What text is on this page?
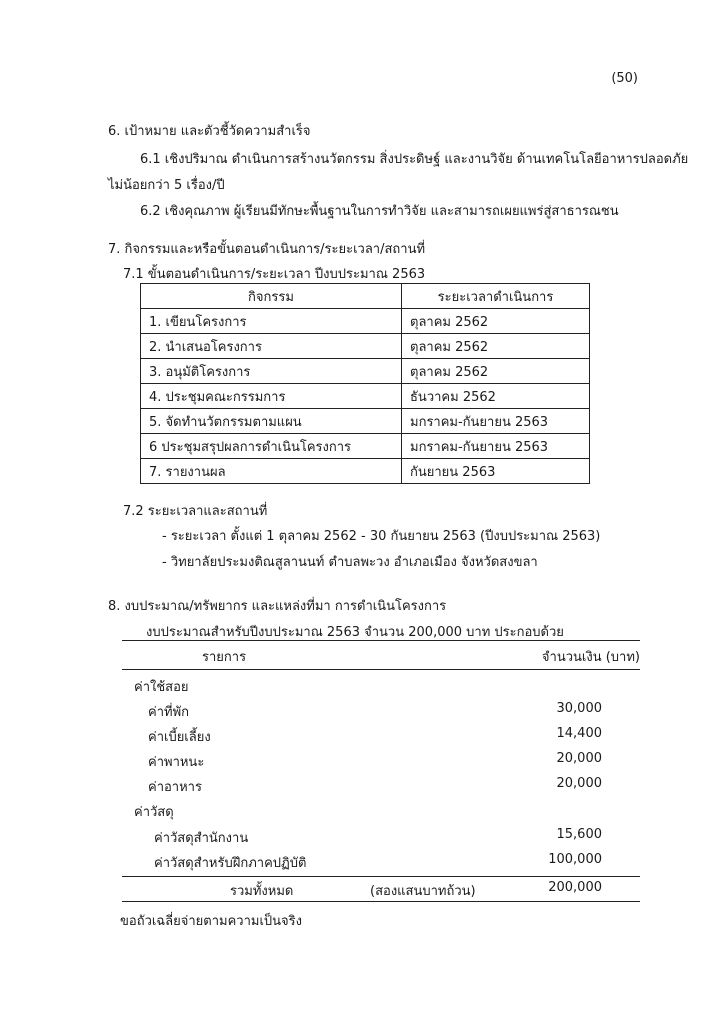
(50)
6. เป้าหมาย และตัวชี้วัดความสำเร็จ
6.1 เชิงปริมาณ ดำเนินการสร้างนวัตกรรม สิ่งประดิษฐ์ และงานวิจัย ด้านเทคโนโลยีอาหารปลอดภัย
ไม่น้อยกว่า 5 เรื่อง/ปี
6.2 เชิงคุณภาพ ผู้เรียนมีทักษะพื้นฐานในการทำวิจัย และสามารถเผยแพร่สู่สาธารณชน
7. กิจกรรมและหรือขั้นตอนดำเนินการ/ระยะเวลา/สถานที่
7.1 ขั้นตอนดำเนินการ/ระยะเวลา ปีงบประมาณ 2563
กิจกรรม	ระยะเวลาดำเนินการ
1. เขียนโครงการ	ตุลาคม 2562
2. นำเสนอโครงการ	ตุลาคม 2562
3. อนุมัติโครงการ	ตุลาคม 2562
4. ประชุมคณะกรรมการ	ธันวาคม 2562
5. จัดทำนวัตกรรมตามแผน	มกราคม-กันยายน 2563
6 ประชุมสรุปผลการดำเนินโครงการ	มกราคม-กันยายน 2563
7. รายงานผล	กันยายน 2563
7.2 ระยะเวลาและสถานที่
- ระยะเวลา ตั้งแต่ 1 ตุลาคม 2562 - 30 กันยายน 2563 (ปีงบประมาณ 2563)
- วิทยาลัยประมงติณสูลานนท์ ตำบลพะวง อำเภอเมือง จังหวัดสงขลา
8. งบประมาณ/ทรัพยากร และแหล่งที่มา การดำเนินโครงการ
งบประมาณสำหรับปีงบประมาณ 2563 จำนวน 200,000 บาท ประกอบด้วย
รายการ	จำนวนเงิน (บาท)
ค่าใช้สอย
ค่าที่พัก	30,000
ค่าเบี้ยเลี้ยง	14,400
ค่าพาหนะ	20,000
ค่าอาหาร	20,000
ค่าวัสดุ
ค่าวัสดุสำนักงาน	15,600
ค่าวัสดุสำหรับฝึกภาคปฏิบัติ	100,000
รวมทั้งหมด	(สองแสนบาทถ้วน)	200,000
ขอถัวเฉลี่ยจ่ายตามความเป็นจริง
